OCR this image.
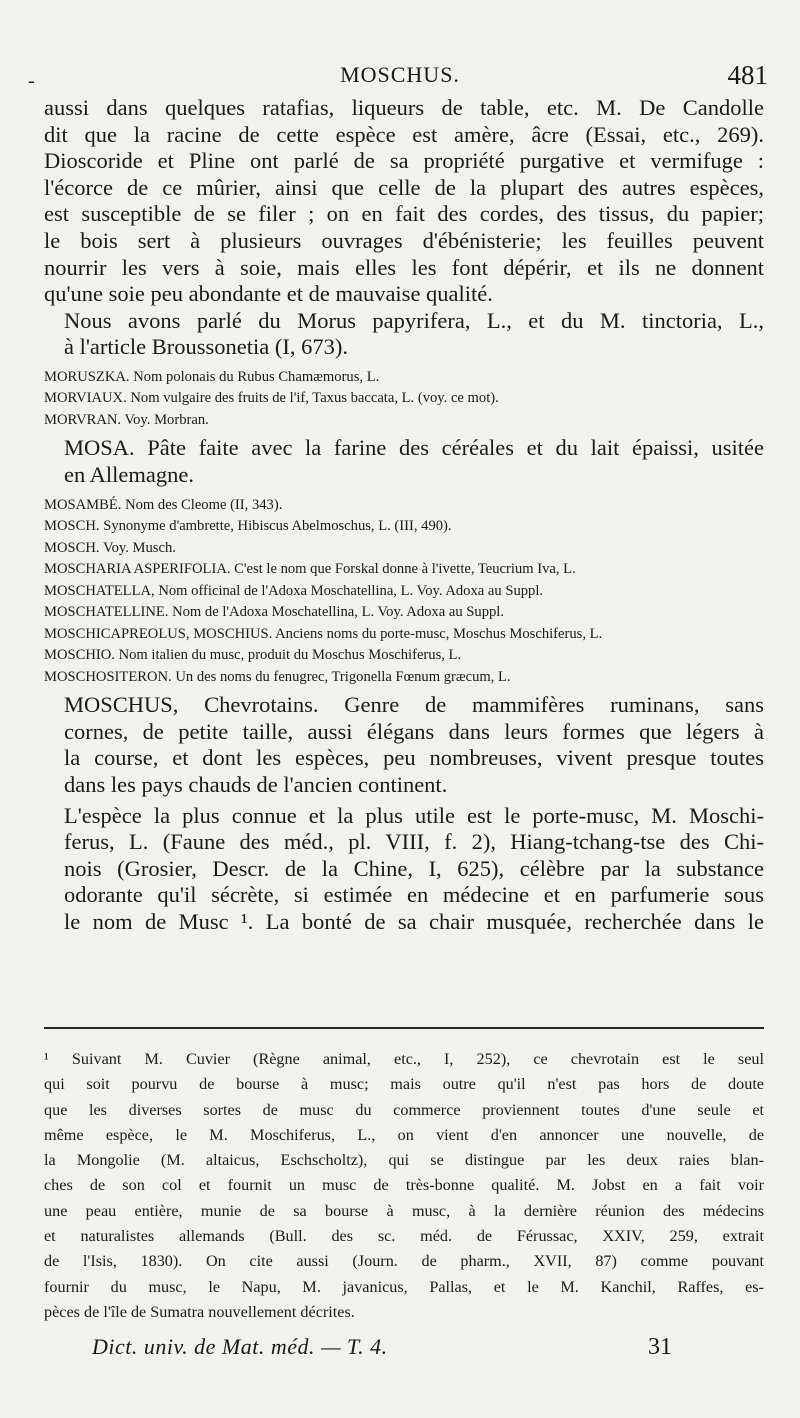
-	MOSCHUS.	481

aussi dans quelques ratafias, liqueurs de table, etc. M. De Candolle
dit que la racine de cette espèce est amère, âcre (Essai, etc., 269).
Dioscoride et Pline ont parlé de sa propriété purgative et vermifuge :
l'écorce de ce mûrier, ainsi que celle de la plupart des autres espèces,
est susceptible de se filer ; on en fait des cordes, des tissus, du papier;
le bois sert à plusieurs ouvrages d'ébénisterie; les feuilles peuvent
nourrir les vers à soie, mais elles les font dépérir, et ils ne donnent
qu'une soie peu abondante et de mauvaise qualité.

Nous avons parlé du Morus papyrifera, L., et du M. tinctoria, L.,
à l'article Broussonetia (I, 673).

MORUSZKA. Nom polonais du Rubus Chamæmorus, L.
MORVIAUX. Nom vulgaire des fruits de l'if, Taxus baccata, L. (voy. ce mot).
MORVRAN. Voy. Morbran.

MOSA. Pâte faite avec la farine des céréales et du lait épaissi, usitée
en Allemagne.

MOSAMBÉ. Nom des Cleome (II, 343).
MOSCH. Synonyme d'ambrette, Hibiscus Abelmoschus, L. (III, 490).
MOSCH. Voy. Musch.
MOSCHARIA ASPERIFOLIA. C'est le nom que Forskal donne à l'ivette, Teucrium Iva, L.
MOSCHATELLA, Nom officinal de l'Adoxa Moschatellina, L. Voy. Adoxa au Suppl.
MOSCHATELLINE. Nom de l'Adoxa Moschatellina, L. Voy. Adoxa au Suppl.
MOSCHICAPREOLUS, MOSCHIUS. Anciens noms du porte-musc, Moschus Moschiferus, L.
MOSCHIO. Nom italien du musc, produit du Moschus Moschiferus, L.
MOSCHOSITERON. Un des noms du fenugrec, Trigonella Fœnum græcum, L.

MOSCHUS, Chevrotains. Genre de mammifères ruminans, sans
cornes, de petite taille, aussi élégans dans leurs formes que légers à
la course, et dont les espèces, peu nombreuses, vivent presque toutes
dans les pays chauds de l'ancien continent.

L'espèce la plus connue et la plus utile est le porte-musc, M. Moschi-
ferus, L. (Faune des méd., pl. VIII, f. 2), Hiang-tchang-tse des Chi-
nois (Grosier, Descr. de la Chine, I, 625), célèbre par la substance
odorante qu'il sécrète, si estimée en médecine et en parfumerie sous
le nom de Musc ¹. La bonté de sa chair musquée, recherchée dans le

¹ Suivant M. Cuvier (Règne animal, etc., I, 252), ce chevrotain est le seul
qui soit pourvu de bourse à musc; mais outre qu'il n'est pas hors de doute
que les diverses sortes de musc du commerce proviennent toutes d'une seule et
même espèce, le M. Moschiferus, L., on vient d'en annoncer une nouvelle, de
la Mongolie (M. altaicus, Eschscholtz), qui se distingue par les deux raies blan-
ches de son col et fournit un musc de très-bonne qualité. M. Jobst en a fait voir
une peau entière, munie de sa bourse à musc, à la dernière réunion des médecins
et naturalistes allemands (Bull. des sc. méd. de Férussac, XXIV, 259, extrait
de l'Isis, 1830). On cite aussi (Journ. de pharm., XVII, 87) comme pouvant
fournir du musc, le Napu, M. javanicus, Pallas, et le M. Kanchil, Raffes, es-
pèces de l'île de Sumatra nouvellement décrites.
Dict. univ. de Mat. méd. — T. 4.	31
